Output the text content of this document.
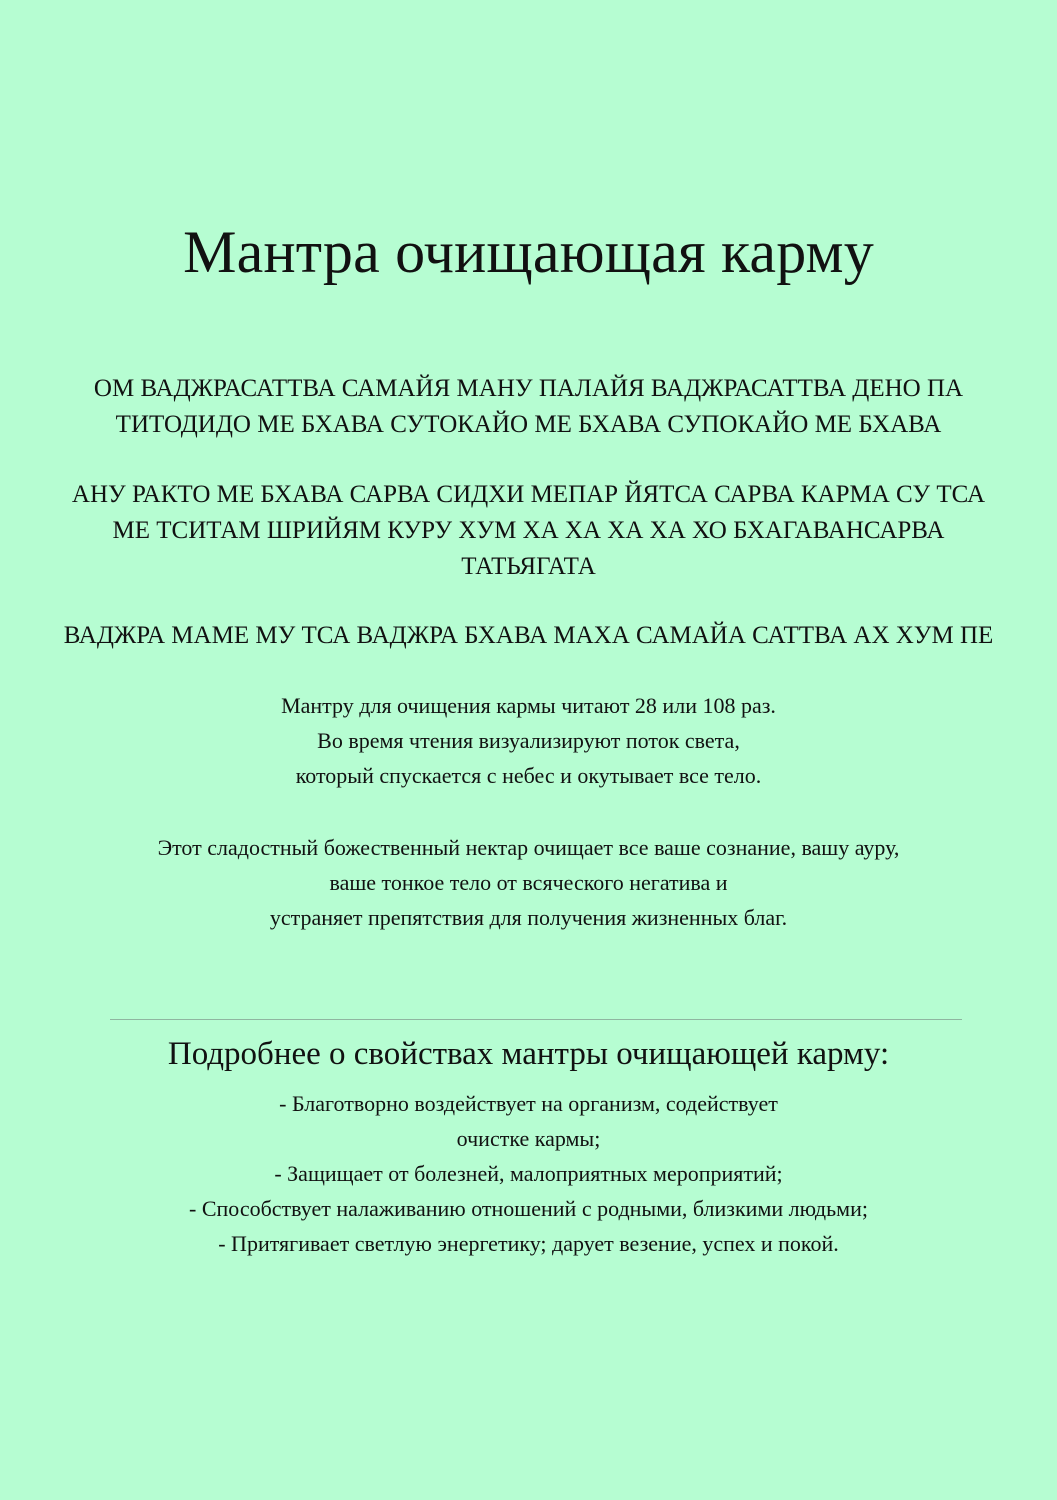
Мантра очищающая карму

ОМ ВАДЖРАСАТТВА САМАЙЯ МАНУ ПАЛАЙЯ ВАДЖРАСАТТВА ДЕНО ПА
ТИТОДИДО МЕ БХАВА СУТОКАЙО МЕ БХАВА СУПОКАЙО МЕ БХАВА

АНУ РАКТО МЕ БХАВА САРВА СИДХИ МЕПАР ЙЯТСА САРВА КАРМА СУ ТСА
МЕ ТСИТАМ ШРИЙЯМ КУРУ ХУМ ХА ХА ХА ХА ХО БХАГАВАНСАРВА
ТАТЬЯГАТА

ВАДЖРА МАМЕ МУ ТСА ВАДЖРА БХАВА МАХА САМАЙА САТТВА АХ ХУМ ПЕ

Мантру для очищения кармы читают 28 или 108 раз.
Во время чтения визуализируют поток света,
который спускается с небес и окутывает все тело.

Этот сладостный божественный нектар очищает все ваше сознание, вашу ауру,
ваше тонкое тело от всяческого негатива и
устраняет препятствия для получения жизненных благ.

Подробнее о свойствах мантры очищающей карму:
- Благотворно воздействует на организм, содействует
очистке кармы;
- Защищает от болезней, малоприятных мероприятий;
- Способствует налаживанию отношений с родными, близкими людьми;
- Притягивает светлую энергетику; дарует везение, успех и покой.
